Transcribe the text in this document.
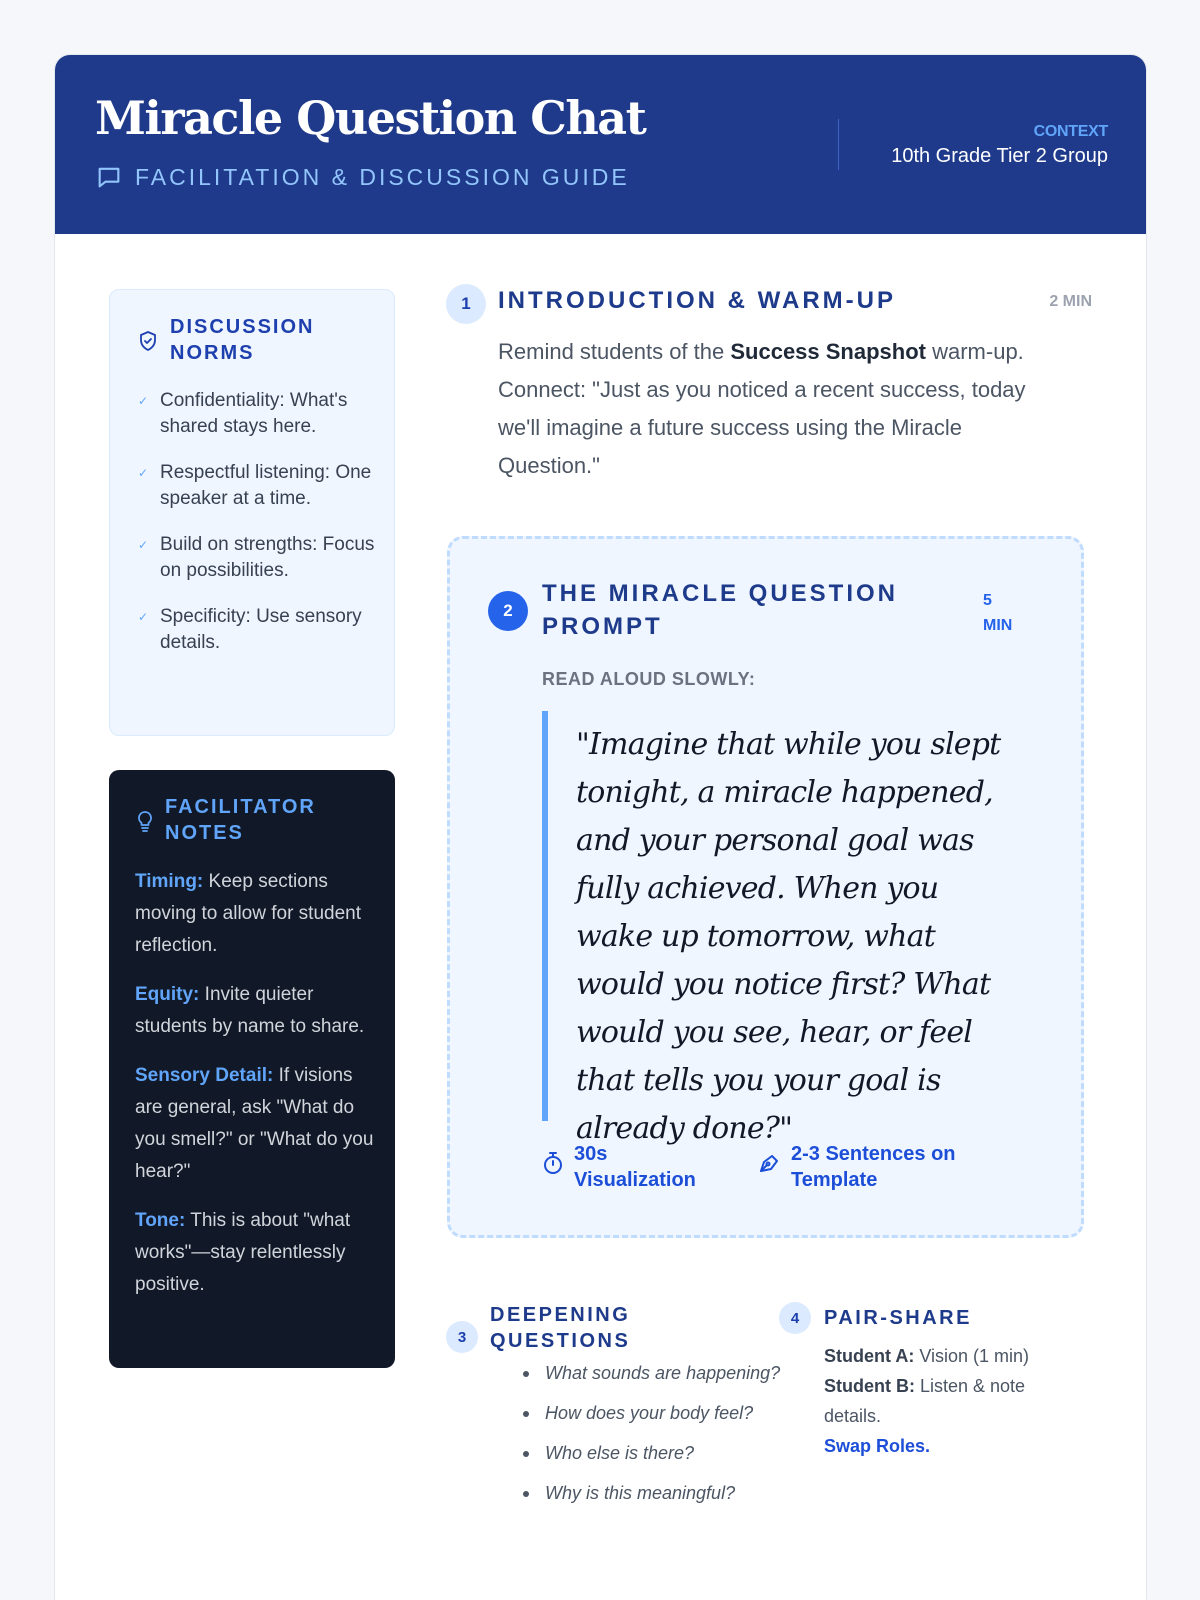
Miracle Question Chat
FACILITATION & DISCUSSION GUIDE
CONTEXT
10th Grade Tier 2 Group
DISCUSSION
NORMS
✓ Confidentiality: What's shared stays here.
✓ Respectful listening: One speaker at a time.
✓ Build on strengths: Focus on possibilities.
✓ Specificity: Use sensory details.
FACILITATOR
NOTES

Timing: Keep sections moving to allow for student reflection.

Equity: Invite quieter students by name to share.

Sensory Detail: If visions are general, ask "What do you smell?" or "What do you hear?"

Tone: This is about "what works"—stay relentlessly positive.

1	INTRODUCTION & WARM-UP	2 MIN
Remind students of the Success Snapshot warm-up. Connect: "Just as you noticed a recent success, today we'll imagine a future success using the Miracle Question."
2
THE MIRACLE QUESTION
PROMPT
5
MIN
READ ALOUD SLOWLY:
"Imagine that while you slept tonight, a miracle happened, and your personal goal was fully achieved. When you wake up tomorrow, what would you notice first? What would you see, hear, or feel that tells you your goal is already done?"
30s
Visualization
2-3 Sentences on
Template
3
DEEPENING
QUESTIONS
What sounds are happening?
How does your body feel?
Who else is there?
Why is this meaningful?
4	PAIR-SHARE
Student A: Vision (1 min)
Student B: Listen & note details.
Swap Roles.
